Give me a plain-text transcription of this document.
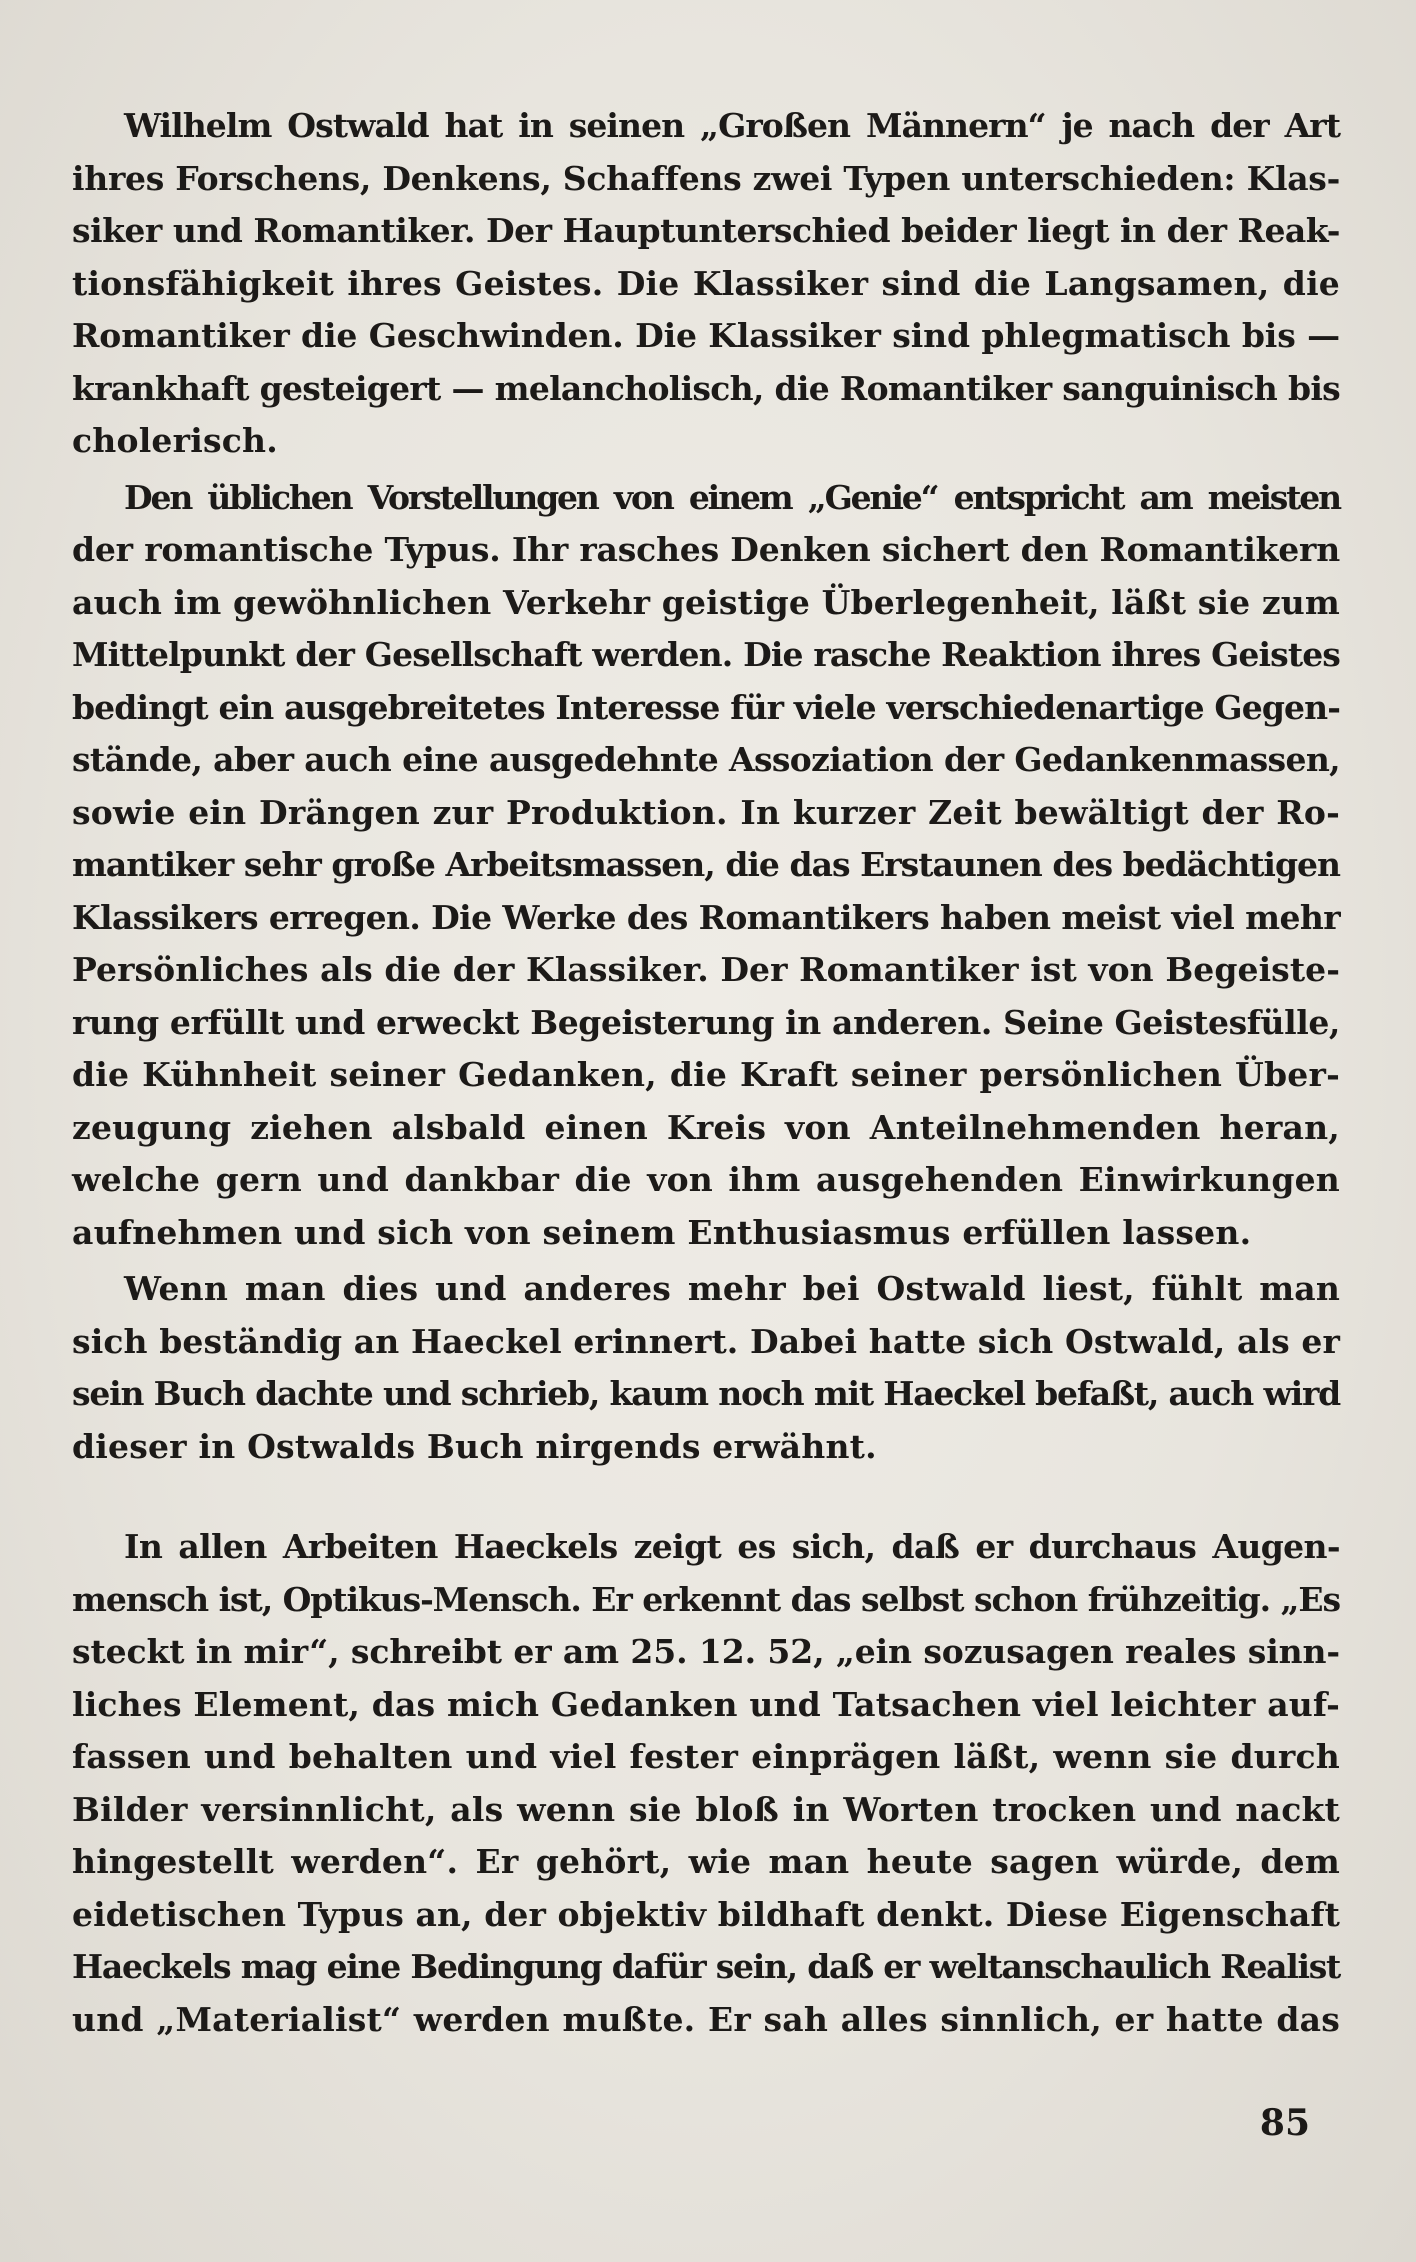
Wilhelm Ostwald hat in seinen „Großen Männern“ je nach der Art
ihres Forschens, Denkens, Schaffens zwei Typen unterschieden: Klas-
siker und Romantiker. Der Hauptunterschied beider liegt in der Reak-
tionsfähigkeit ihres Geistes. Die Klassiker sind die Langsamen, die
Romantiker die Geschwinden. Die Klassiker sind phlegmatisch bis —
krankhaft gesteigert — melancholisch, die Romantiker sanguinisch bis
cholerisch.

Den üblichen Vorstellungen von einem „Genie“ entspricht am meisten
der romantische Typus. Ihr rasches Denken sichert den Romantikern
auch im gewöhnlichen Verkehr geistige Überlegenheit, läßt sie zum
Mittelpunkt der Gesellschaft werden. Die rasche Reaktion ihres Geistes
bedingt ein ausgebreitetes Interesse für viele verschiedenartige Gegen-
stände, aber auch eine ausgedehnte Assoziation der Gedankenmassen,
sowie ein Drängen zur Produktion. In kurzer Zeit bewältigt der Ro-
mantiker sehr große Arbeitsmassen, die das Erstaunen des bedächtigen
Klassikers erregen. Die Werke des Romantikers haben meist viel mehr
Persönliches als die der Klassiker. Der Romantiker ist von Begeiste-
rung erfüllt und erweckt Begeisterung in anderen. Seine Geistesfülle,
die Kühnheit seiner Gedanken, die Kraft seiner persönlichen Über-
zeugung ziehen alsbald einen Kreis von Anteilnehmenden heran,
welche gern und dankbar die von ihm ausgehenden Einwirkungen
aufnehmen und sich von seinem Enthusiasmus erfüllen lassen.

Wenn man dies und anderes mehr bei Ostwald liest, fühlt man
sich beständig an Haeckel erinnert. Dabei hatte sich Ostwald, als er
sein Buch dachte und schrieb, kaum noch mit Haeckel befaßt, auch wird
dieser in Ostwalds Buch nirgends erwähnt.

In allen Arbeiten Haeckels zeigt es sich, daß er durchaus Augen-
mensch ist, Optikus-Mensch. Er erkennt das selbst schon frühzeitig. „Es
steckt in mir“, schreibt er am 25. 12. 52, „ein sozusagen reales sinn-
liches Element, das mich Gedanken und Tatsachen viel leichter auf-
fassen und behalten und viel fester einprägen läßt, wenn sie durch
Bilder versinnlicht, als wenn sie bloß in Worten trocken und nackt
hingestellt werden“. Er gehört, wie man heute sagen würde, dem
eidetischen Typus an, der objektiv bildhaft denkt. Diese Eigenschaft
Haeckels mag eine Bedingung dafür sein, daß er weltanschaulich Realist
und „Materialist“ werden mußte. Er sah alles sinnlich, er hatte das

85
